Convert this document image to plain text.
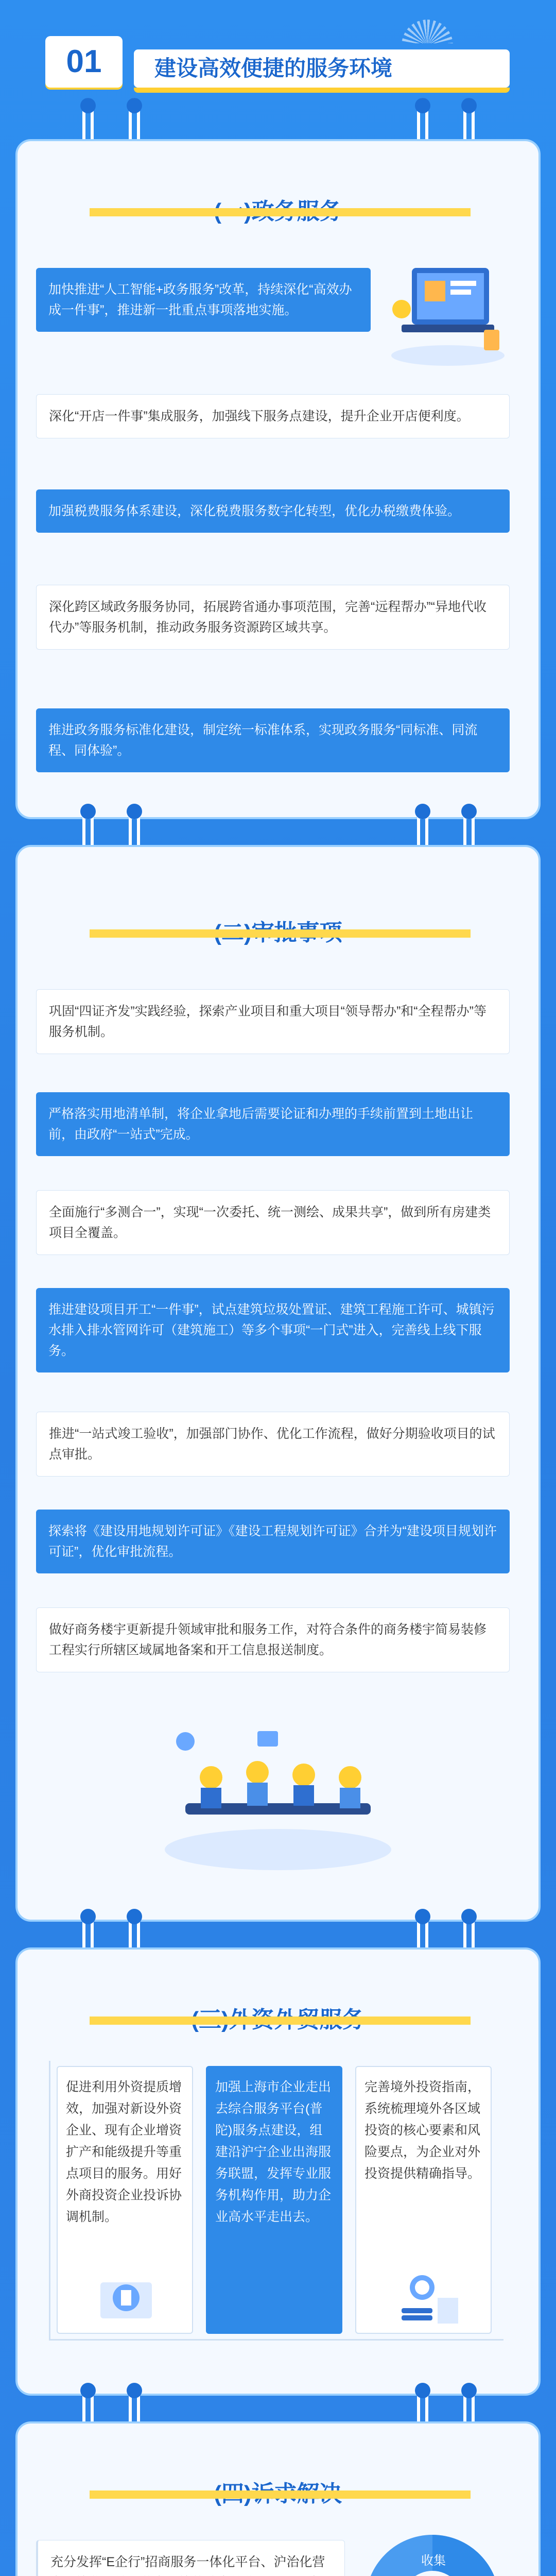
01	建设高效便捷的服务环境
加快推进“人工智能+政务服务”改革，持续深化“高效办成一件事”，推进新一批重点事项落地实施。
深化“开店一件事”集成服务，加强线下服务点建设，提升企业开店便利度。
加强税费服务体系建设，深化税费服务数字化转型，优化办税缴费体验。
深化跨区域政务服务协同，拓展跨省通办事项范围，完善“远程帮办”“异地代收代办”等服务机制，推动政务服务资源跨区域共享。
推进政务服务标准化建设，制定统一标准体系，实现政务服务“同标准、同流程、同体验”。
巩固“四证齐发”实践经验，探索产业项目和重大项目“领导帮办”和“全程帮办”等服务机制。
严格落实用地清单制，将企业拿地后需要论证和办理的手续前置到土地出让前，由政府“一站式”完成。
全面施行“多测合一”，实现“一次委托、统一测绘、成果共享”，做到所有房建类项目全覆盖。
推进建设项目开工“一件事”，试点建筑垃圾处置证、建筑工程施工许可、城镇污水排入排水管网许可（建筑施工）等多个事项“一门式”进入，完善线上线下服务。
推进“一站式竣工验收”，加强部门协作、优化工作流程，做好分期验收项目的试点审批。
探索将《建设用地规划许可证》《建设工程规划许可证》合并为“建设项目规划许可证”，优化审批流程。
做好商务楼宇更新提升领域审批和服务工作，对符合条件的商务楼宇简易装修工程实行所辖区域属地备案和开工信息报送制度。
促进利用外资提质增效，加强对新设外资企业、现有企业增资扩产和能级提升等重点项目的服务。用好外商投资企业投诉协调机制。
加强上海市企业走出去综合服务平台(普陀)服务点建设，组建沿沪宁企业出海服务联盟，发挥专业服务机构作用，助力企业高水平走出去。
完善境外投资指南，系统梳理境外各区域投资的核心要素和风险要点，为企业对外投资提供精确指导。
充分发挥“E企行”招商服务一体化平台、沪治化营	收集
